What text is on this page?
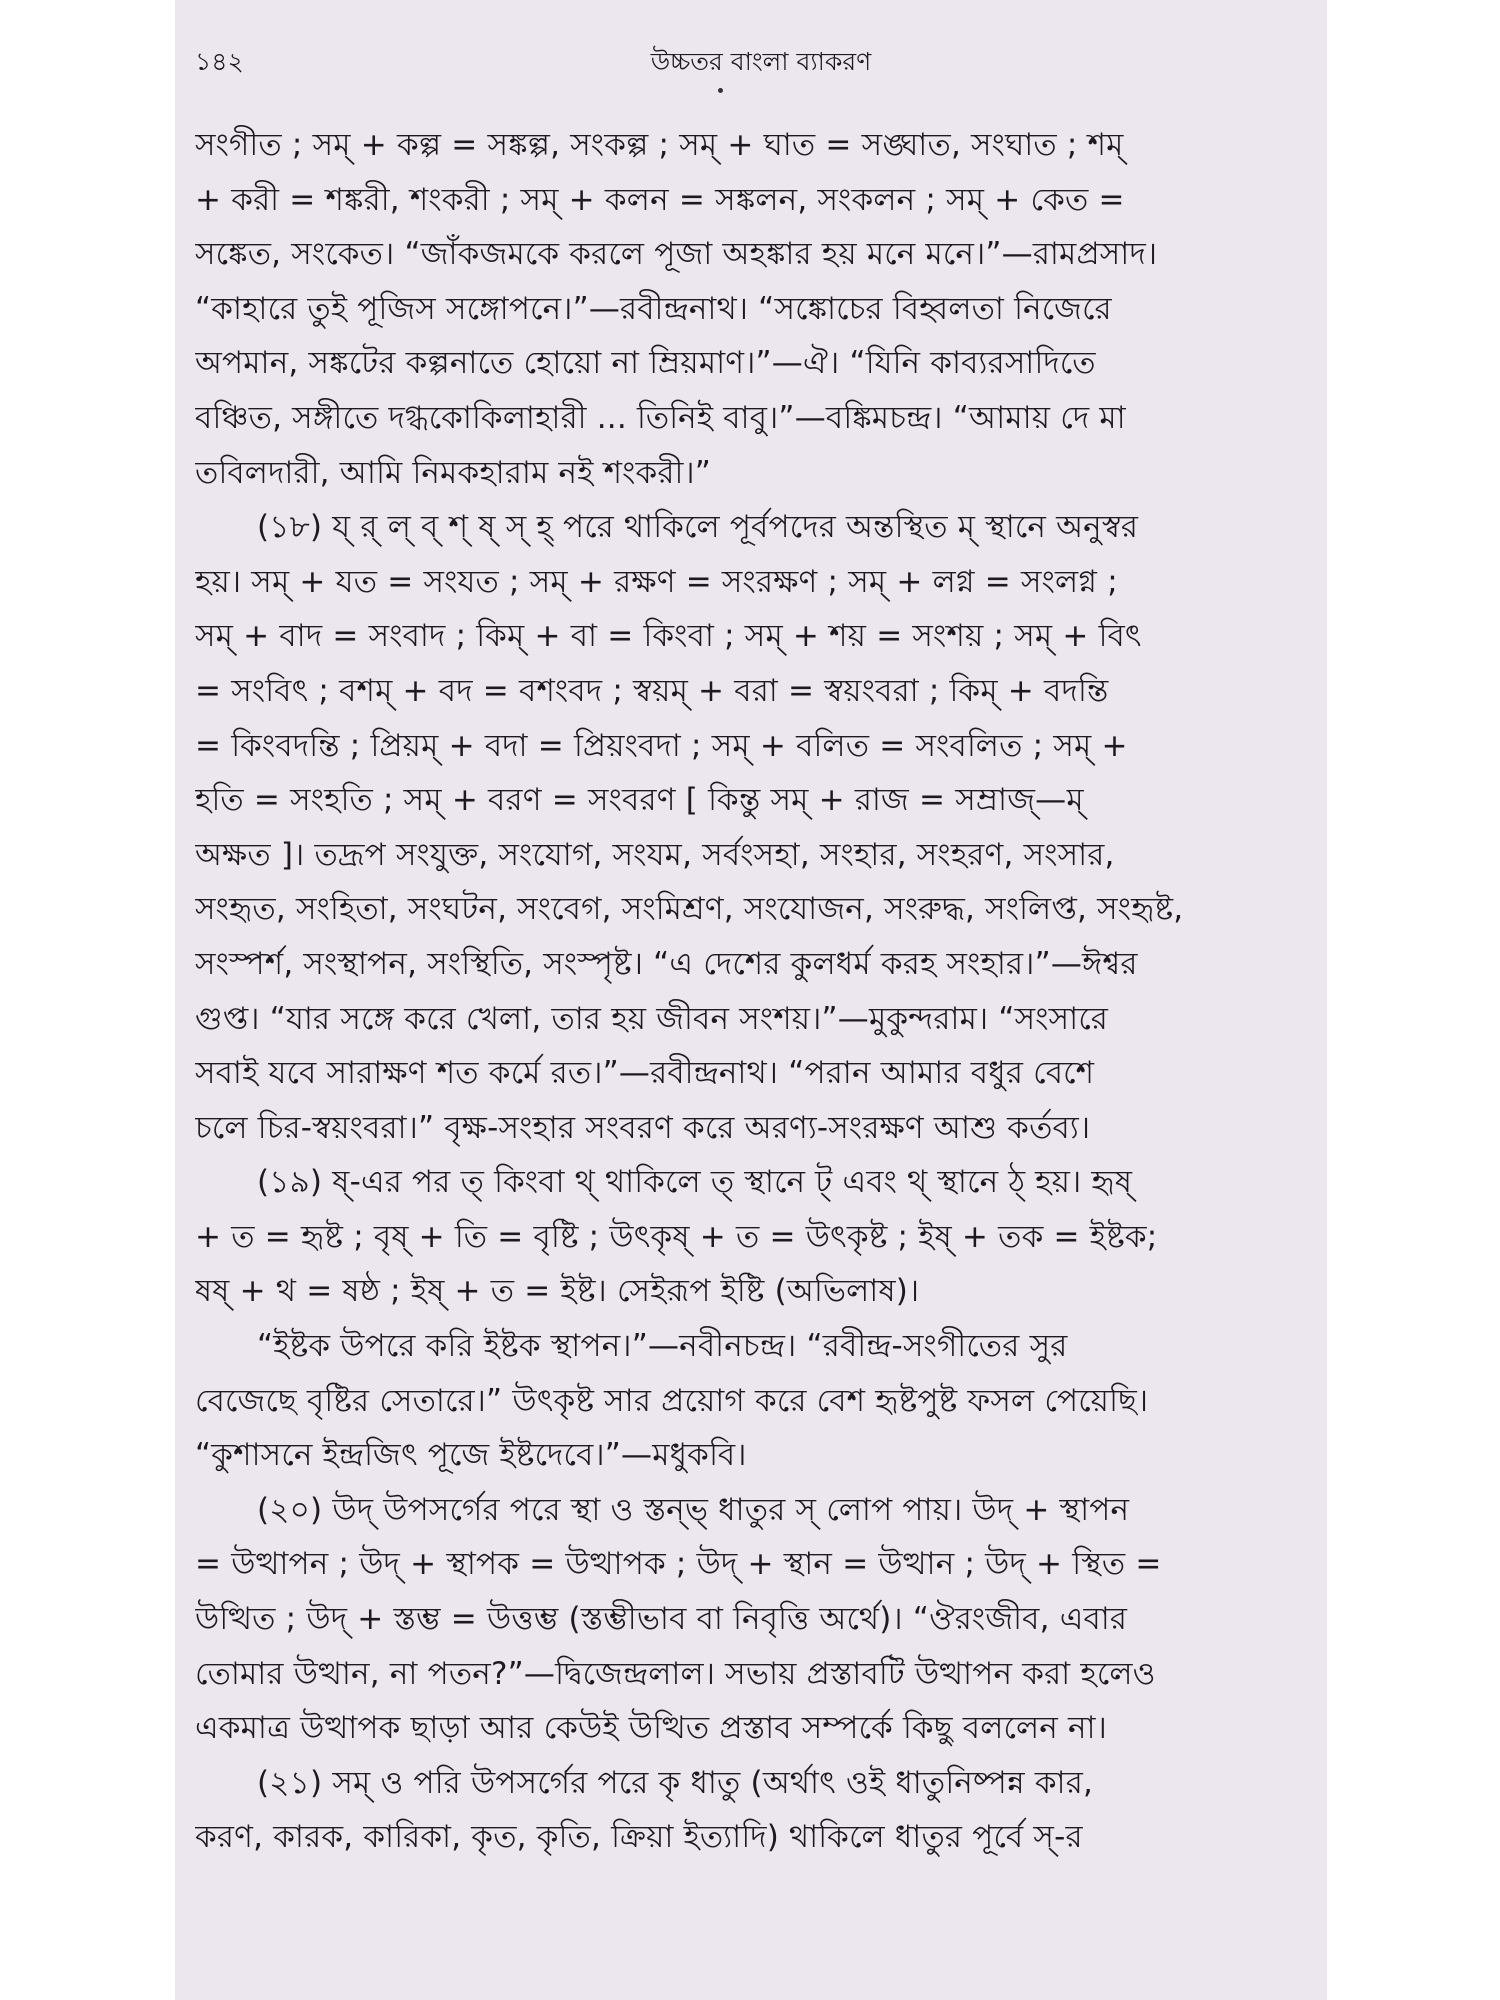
১৪২	উচ্চতর বাংলা ব্যাকরণ
সংগীত ; সম্ + কল্প = সঙ্কল্প, সংকল্প ; সম্ + ঘাত = সঙ্ঘাত, সংঘাত ; শম্
+ করী = শঙ্করী, শংকরী ; সম্ + কলন = সঙ্কলন, সংকলন ; সম্ + কেত =
সঙ্কেত, সংকেত। “জাঁকজমকে করলে পূজা অহঙ্কার হয় মনে মনে।”—রামপ্রসাদ।
“কাহারে তুই পূজিস সঙ্গোপনে।”—রবীন্দ্রনাথ। “সঙ্কোচের বিহ্বলতা নিজেরে
অপমান, সঙ্কটের কল্পনাতে হোয়ো না ম্রিয়মাণ।”—ঐ। “যিনি কাব্যরসাদিতে
বঞ্চিত, সঙ্গীতে দগ্ধকোকিলাহারী ... তিনিই বাবু।”—বঙ্কিমচন্দ্র। “আমায় দে মা
তবিলদারী, আমি নিমকহারাম নই শংকরী।”
(১৮) য্ র্ ল্ ব্ শ্ ষ্ স্ হ্ পরে থাকিলে পূর্বপদের অন্তস্থিত ম্ স্থানে অনুস্বর
হয়। সম্ + যত = সংযত ; সম্ + রক্ষণ = সংরক্ষণ ; সম্ + লগ্ন = সংলগ্ন ;
সম্ + বাদ = সংবাদ ; কিম্ + বা = কিংবা ; সম্ + শয় = সংশয় ; সম্ + বিৎ
= সংবিৎ ; বশম্ + বদ = বশংবদ ; স্বয়ম্ + বরা = স্বয়ংবরা ; কিম্ + বদন্তি
= কিংবদন্তি ; প্রিয়ম্ + বদা = প্রিয়ংবদা ; সম্ + বলিত = সংবলিত ; সম্ +
হতি = সংহতি ; সম্ + বরণ = সংবরণ [ কিন্তু সম্ + রাজ = সম্রাজ্—ম্
অক্ষত ]। তদ্রূপ সংযুক্ত, সংযোগ, সংযম, সর্বংসহা, সংহার, সংহরণ, সংসার,
সংহৃত, সংহিতা, সংঘটন, সংবেগ, সংমিশ্রণ, সংযোজন, সংরুদ্ধ, সংলিপ্ত, সংহৃষ্ট,
সংস্পর্শ, সংস্থাপন, সংস্থিতি, সংস্পৃষ্ট। “এ দেশের কুলধর্ম করহ সংহার।”—ঈশ্বর
গুপ্ত। “যার সঙ্গে করে খেলা, তার হয় জীবন সংশয়।”—মুকুন্দরাম। “সংসারে
সবাই যবে সারাক্ষণ শত কর্মে রত।”—রবীন্দ্রনাথ। “পরান আমার বধুর বেশে
চলে চির-স্বয়ংবরা।” বৃক্ষ-সংহার সংবরণ করে অরণ্য-সংরক্ষণ আশু কর্তব্য।
(১৯) ষ্-এর পর ত্ কিংবা থ্ থাকিলে ত্ স্থানে ট্ এবং থ্ স্থানে ঠ্ হয়। হৃষ্
+ ত = হৃষ্ট ; বৃষ্ + তি = বৃষ্টি ; উৎকৃষ্ + ত = উৎকৃষ্ট ; ইষ্ + তক = ইষ্টক;
ষষ্ + থ = ষষ্ঠ ; ইষ্ + ত = ইষ্ট। সেইরূপ ইষ্টি (অভিলাষ)।
“ইষ্টক উপরে করি ইষ্টক স্থাপন।”—নবীনচন্দ্র। “রবীন্দ্র-সংগীতের সুর
বেজেছে বৃষ্টির সেতারে।” উৎকৃষ্ট সার প্রয়োগ করে বেশ হৃষ্টপুষ্ট ফসল পেয়েছি।
“কুশাসনে ইন্দ্রজিৎ পূজে ইষ্টদেবে।”—মধুকবি।
(২০) উদ্ উপসর্গের পরে স্থা ও স্তন্ভ্ ধাতুর স্ লোপ পায়। উদ্ + স্থাপন
= উত্থাপন ; উদ্ + স্থাপক = উত্থাপক ; উদ্ + স্থান = উত্থান ; উদ্ + স্থিত =
উত্থিত ; উদ্ + স্তম্ভ = উত্তম্ভ (স্তম্ভীভাব বা নিবৃত্তি অর্থে)। “ঔরংজীব, এবার
তোমার উত্থান, না পতন?”—দ্বিজেন্দ্রলাল। সভায় প্রস্তাবটি উত্থাপন করা হলেও
একমাত্র উত্থাপক ছাড়া আর কেউই উত্থিত প্রস্তাব সম্পর্কে কিছু বললেন না।
(২১) সম্ ও পরি উপসর্গের পরে কৃ ধাতু (অর্থাৎ ওই ধাতুনিষ্পন্ন কার,
করণ, কারক, কারিকা, কৃত, কৃতি, ক্রিয়া ইত্যাদি) থাকিলে ধাতুর পূর্বে স্-র
